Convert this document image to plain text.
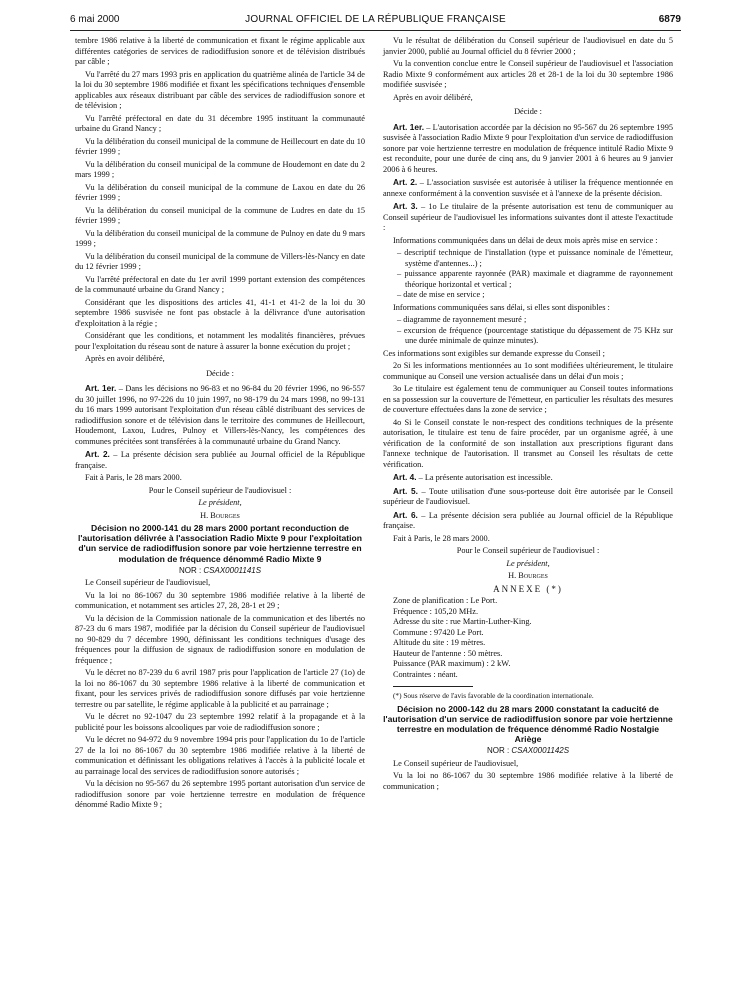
6 mai 2000	JOURNAL OFFICIEL DE LA RÉPUBLIQUE FRANÇAISE	6879

tembre 1986 relative à la liberté de communication et fixant le régime applicable aux différentes catégories de services de radiodiffusion sonore et de télévision distribués par câble ;

Vu l'arrêté du 27 mars 1993 pris en application du quatrième alinéa de l'article 34 de la loi du 30 septembre 1986 modifiée et fixant les spécifications techniques d'ensemble applicables aux réseaux distribuant par câble des services de radiodiffusion sonore et de télévision ;

Vu l'arrêté préfectoral en date du 31 décembre 1995 instituant la communauté urbaine du Grand Nancy ;

Vu la délibération du conseil municipal de la commune de Heillecourt en date du 10 février 1999 ;

Vu la délibération du conseil municipal de la commune de Houdemont en date du 2 mars 1999 ;

Vu la délibération du conseil municipal de la commune de Laxou en date du 26 février 1999 ;

Vu la délibération du conseil municipal de la commune de Ludres en date du 15 février 1999 ;

Vu la délibération du conseil municipal de la commune de Pulnoy en date du 9 mars 1999 ;

Vu la délibération du conseil municipal de la commune de Villers-lès-Nancy en date du 12 février 1999 ;

Vu l'arrêté préfectoral en date du 1er avril 1999 portant extension des compétences de la communauté urbaine du Grand Nancy ;

Considérant que les dispositions des articles 41, 41-1 et 41-2 de la loi du 30 septembre 1986 susvisée ne font pas obstacle à la délivrance d'une autorisation d'exploitation à la régie ;

Considérant que les conditions, et notamment les modalités financières, prévues pour l'exploitation du réseau sont de nature à assurer la bonne exécution du projet ;

Après en avoir délibéré,

Décide :

Art. 1er. – Dans les décisions no 96-83 et no 96-84 du 20 février 1996, no 96-557 du 30 juillet 1996, no 97-226 du 10 juin 1997, no 98-179 du 24 mars 1998, no 99-131 du 16 mars 1999 autorisant l'exploitation d'un réseau câblé distribuant des services de radiodiffusion sonore et de télévision dans le territoire des communes de Heillecourt, Houdemont, Laxou, Ludres, Pulnoy et Villers-lès-Nancy, les compétences des communes précitées sont transférées à la communauté urbaine du Grand Nancy.

Art. 2. – La présente décision sera publiée au Journal officiel de la République française.

Fait à Paris, le 28 mars 2000.

Pour le Conseil supérieur de l'audiovisuel :

Le président,

H. Bourges

Décision no 2000-141 du 28 mars 2000 portant reconduction de l'autorisation délivrée à l'association Radio Mixte 9 pour l'exploitation d'un service de radiodiffusion sonore par voie hertzienne terrestre en modulation de fréquence dénommé Radio Mixte 9

NOR : CSAX0001141S

Le Conseil supérieur de l'audiovisuel,

Vu la loi no 86-1067 du 30 septembre 1986 modifiée relative à la liberté de communication, et notamment ses articles 27, 28, 28-1 et 29 ;

Vu la décision de la Commission nationale de la communication et des libertés no 87-23 du 6 mars 1987, modifiée par la décision du Conseil supérieur de l'audiovisuel no 90-829 du 7 décembre 1990, définissant les conditions techniques d'usage des fréquences pour la diffusion de signaux de radiodiffusion sonore en modulation de fréquence ;

Vu le décret no 87-239 du 6 avril 1987 pris pour l'application de l'article 27 (1o) de la loi no 86-1067 du 30 septembre 1986 relative à la liberté de communication et fixant, pour les services privés de radiodiffusion sonore diffusés par voie hertzienne terrestre ou par satellite, le régime applicable à la publicité et au parrainage ;

Vu le décret no 92-1047 du 23 septembre 1992 relatif à la propagande et à la publicité pour les boissons alcooliques par voie de radiodiffusion sonore ;

Vu le décret no 94-972 du 9 novembre 1994 pris pour l'application du 1o de l'article 27 de la loi no 86-1067 du 30 septembre 1986 modifiée relative à la liberté de communication et définissant les obligations relatives à l'accès à la publicité locale et au parrainage local des services de radiodiffusion sonore autorisés ;

Vu la décision no 95-567 du 26 septembre 1995 portant autorisation d'un service de radiodiffusion sonore par voie hertzienne terrestre en modulation de fréquence dénommé Radio Mixte 9 ;

Vu le résultat de délibération du Conseil supérieur de l'audiovisuel en date du 5 janvier 2000, publié au Journal officiel du 8 février 2000 ;

Vu la convention conclue entre le Conseil supérieur de l'audiovisuel et l'association Radio Mixte 9 conformément aux articles 28 et 28-1 de la loi du 30 septembre 1986 modifiée susvisée ;

Après en avoir délibéré,

Décide :

Art. 1er. – L'autorisation accordée par la décision no 95-567 du 26 septembre 1995 susvisée à l'association Radio Mixte 9 pour l'exploitation d'un service de radiodiffusion sonore par voie hertzienne terrestre en modulation de fréquence intitulé Radio Mixte 9 est reconduite, pour une durée de cinq ans, du 9 janvier 2001 à 6 heures au 9 janvier 2006 à 6 heures.

Art. 2. – L'association susvisée est autorisée à utiliser la fréquence mentionnée en annexe conformément à la convention susvisée et à l'annexe de la présente décision.

Art. 3. – 1o Le titulaire de la présente autorisation est tenu de communiquer au Conseil supérieur de l'audiovisuel les informations suivantes dont il atteste l'exactitude :

Informations communiquées dans un délai de deux mois après mise en service :

– descriptif technique de l'installation (type et puissance nominale de l'émetteur, système d'antennes...) ;
– puissance apparente rayonnée (PAR) maximale et diagramme de rayonnement théorique horizontal et vertical ;
– date de mise en service ;

Informations communiquées sans délai, si elles sont disponibles :

– diagramme de rayonnement mesuré ;
– excursion de fréquence (pourcentage statistique du dépassement de 75 KHz sur une durée minimale de quinze minutes).

Ces informations sont exigibles sur demande expresse du Conseil ;

2o Si les informations mentionnées au 1o sont modifiées ultérieurement, le titulaire communique au Conseil une version actualisée dans un délai d'un mois ;

3o Le titulaire est également tenu de communiquer au Conseil toutes informations en sa possession sur la couverture de l'émetteur, en particulier les résultats des mesures de couverture effectuées dans la zone de service ;

4o Si le Conseil constate le non-respect des conditions techniques de la présente autorisation, le titulaire est tenu de faire procéder, par un organisme agréé, à une vérification de la conformité de son installation aux prescriptions figurant dans l'annexe technique de l'autorisation. Il transmet au Conseil les résultats de cette vérification.

Art. 4. – La présente autorisation est incessible.

Art. 5. – Toute utilisation d'une sous-porteuse doit être autorisée par le Conseil supérieur de l'audiovisuel.

Art. 6. – La présente décision sera publiée au Journal officiel de la République française.

Fait à Paris, le 28 mars 2000.

Pour le Conseil supérieur de l'audiovisuel :

Le président,

H. Bourges

ANNEXE (*)

Zone de planification : Le Port.

Fréquence : 105,20 MHz.

Adresse du site : rue Martin-Luther-King.

Commune : 97420 Le Port.

Altitude du site : 19 mètres.

Hauteur de l'antenne : 50 mètres.

Puissance (PAR maximum) : 2 kW.

Contraintes : néant.

(*) Sous réserve de l'avis favorable de la coordination internationale.

Décision no 2000-142 du 28 mars 2000 constatant la caducité de l'autorisation d'un service de radiodiffusion sonore par voie hertzienne terrestre en modulation de fréquence dénommé Radio Nostalgie Ariège

NOR : CSAX0001142S

Le Conseil supérieur de l'audiovisuel,

Vu la loi no 86-1067 du 30 septembre 1986 modifiée relative à la liberté de communication ;
